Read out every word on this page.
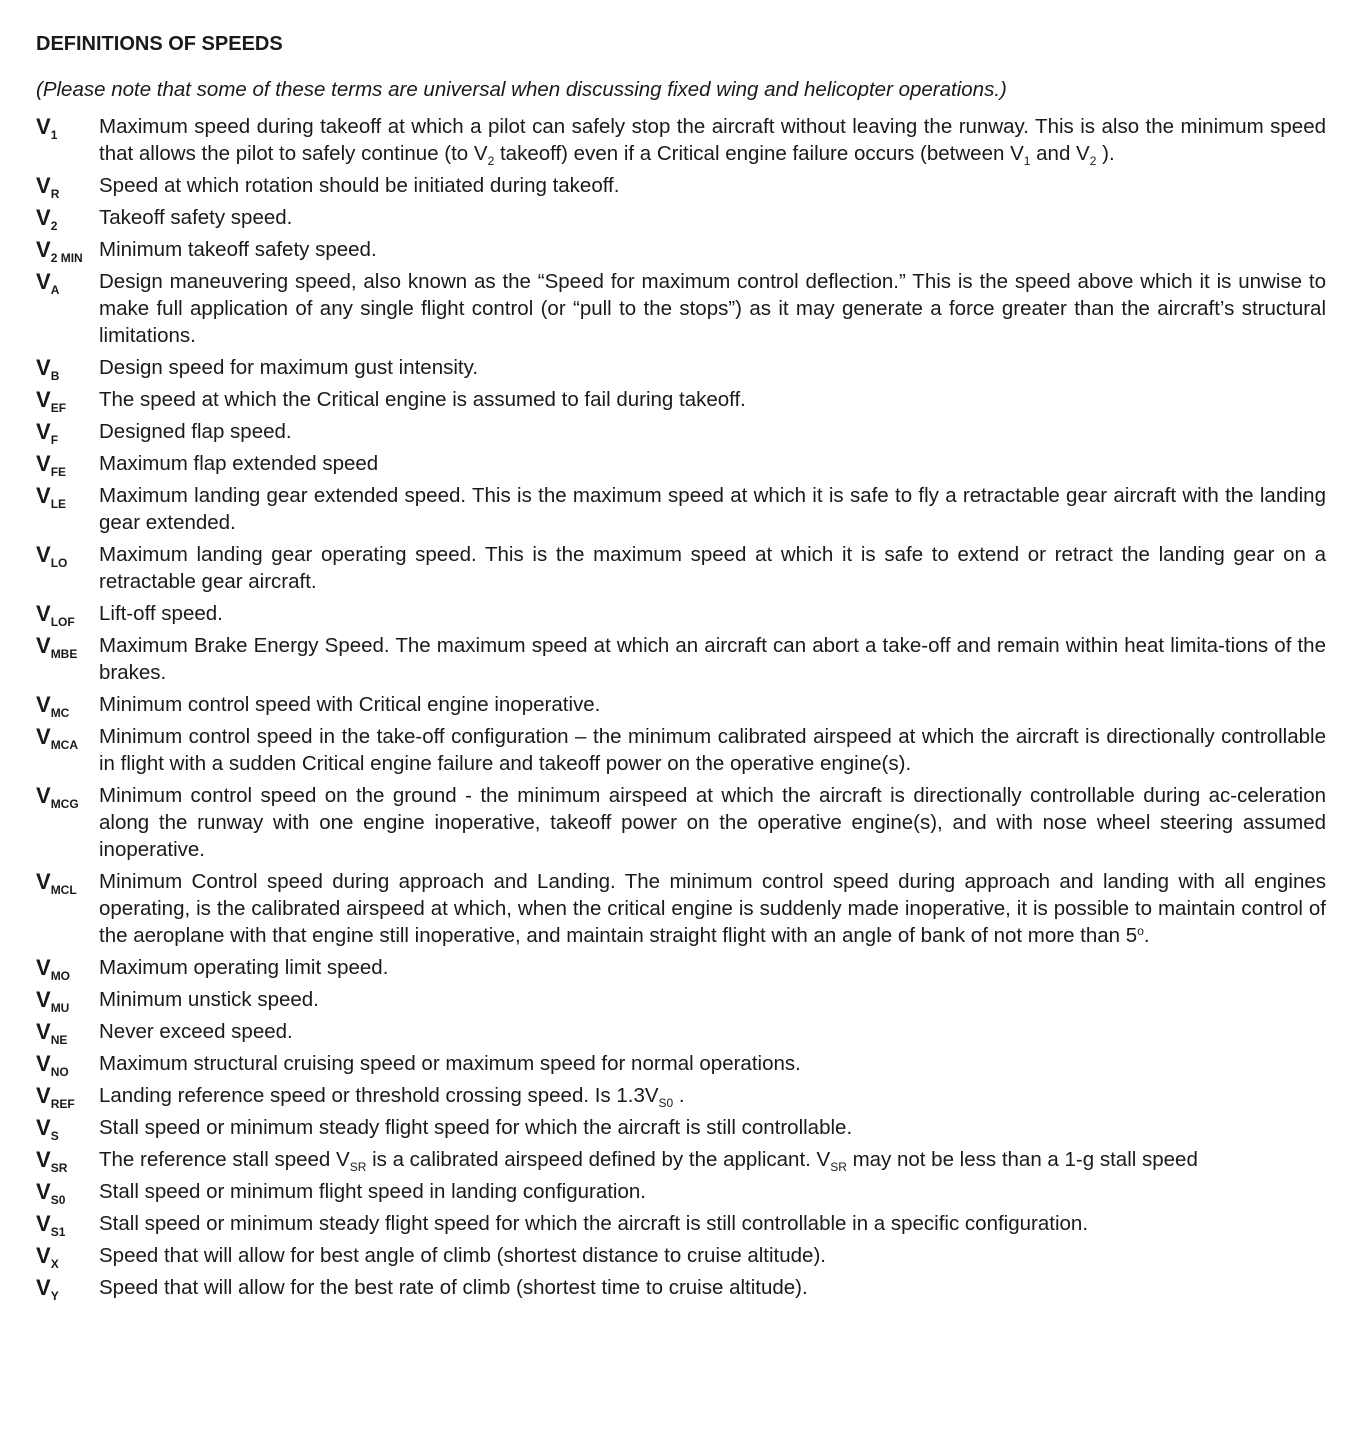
DEFINITIONS OF SPEEDS
(Please note that some of these terms are universal when discussing fixed wing and helicopter operations.)
$V_1$	Maximum speed during takeoff at which a pilot can safely stop the aircraft without leaving the runway. This is also the minimum speed that allows the pilot to safely continue (to $V_2$ takeoff) even if a Critical engine failure occurs (between $V_1$ and $V_2$ ).
$V_R$	Speed at which rotation should be initiated during takeoff.
$V_2$	Takeoff safety speed.
$V_{2 MIN}$ Minimum takeoff safety speed.
$V_A$	Design maneuvering speed, also known as the “Speed for maximum control deflection.” This is the speed above which it is unwise to make full application of any single flight control (or “pull to the stops”) as it may generate a force greater than the aircraft’s structural limitations.
$V_B$	Design speed for maximum gust intensity.
$V_{EF}$	The speed at which the Critical engine is assumed to fail during takeoff.
$V_F$	Designed flap speed.
$V_{FE}$	Maximum flap extended speed
$V_{LE}$	Maximum landing gear extended speed. This is the maximum speed at which it is safe to fly a retractable gear aircraft with the landing gear extended.
$V_{LO}$	Maximum landing gear operating speed. This is the maximum speed at which it is safe to extend or retract the landing gear on a retractable gear aircraft.
$V_{LOF}$	Lift-off speed.
$V_{MBE}$	Maximum Brake Energy Speed. The maximum speed at which an aircraft can abort a take-off and remain within heat limita-tions of the brakes.
$V_{MC}$	Minimum control speed with Critical engine inoperative.
$V_{MCA}$	Minimum control speed in the take-off configuration – the minimum calibrated airspeed at which the aircraft is directionally controllable in flight with a sudden Critical engine failure and takeoff power on the operative engine(s).
$V_{MCG}$ Minimum control speed on the ground - the minimum airspeed at which the aircraft is directionally controllable during ac-celeration along the runway with one engine inoperative, takeoff power on the operative engine(s), and with nose wheel steering assumed inoperative.
$V_{MCL}$	Minimum Control speed during approach and Landing. The minimum control speed during approach and landing with all engines operating, is the calibrated airspeed at which, when the critical engine is suddenly made inoperative, it is possible to maintain control of the aeroplane with that engine still inoperative, and maintain straight flight with an angle of bank of not more than 5$^o$.
$V_{MO}$	Maximum operating limit speed.
$V_{MU}$	Minimum unstick speed.
$V_{NE}$	Never exceed speed.
$V_{NO}$	Maximum structural cruising speed or maximum speed for normal operations.
$V_{REF}$	Landing reference speed or threshold crossing speed. Is $1.3V_{S0}$ .
$V_S$	Stall speed or minimum steady flight speed for which the aircraft is still controllable.
$V_{SR}$	The reference stall speed $V_{SR}$ is a calibrated airspeed defined by the applicant. $V_{SR}$ may not be less than a 1-g stall speed
$V_{S0}$	Stall speed or minimum flight speed in landing configuration.
$V_{S1}$	Stall speed or minimum steady flight speed for which the aircraft is still controllable in a specific configuration.
$V_X$	Speed that will allow for best angle of climb (shortest distance to cruise altitude).
$V_Y$	Speed that will allow for the best rate of climb (shortest time to cruise altitude).
